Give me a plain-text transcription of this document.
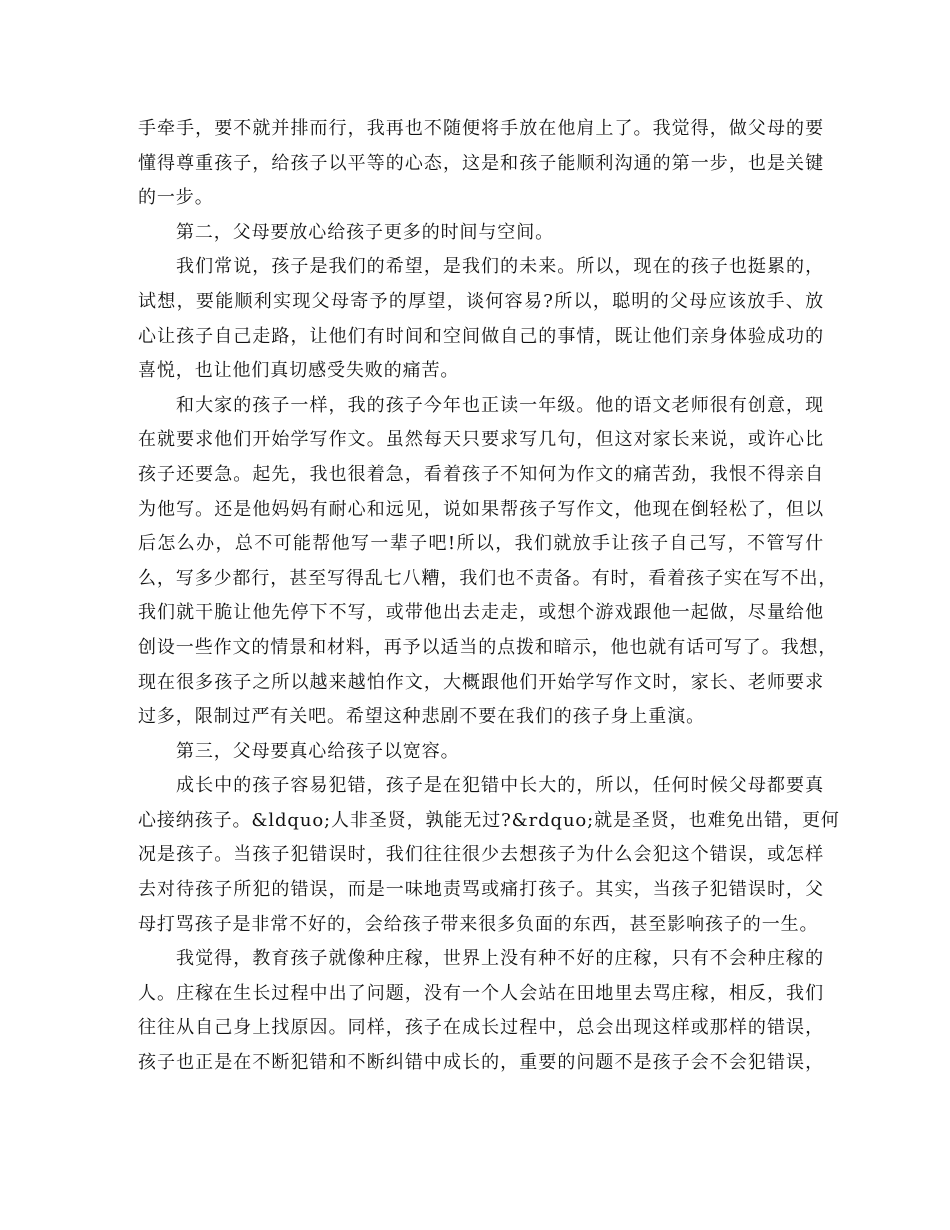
手牵手，要不就并排而行，我再也不随便将手放在他肩上了。我觉得，做父母的要
懂得尊重孩子，给孩子以平等的心态，这是和孩子能顺利沟通的第一步，也是关键
的一步。
第二，父母要放心给孩子更多的时间与空间。
我们常说，孩子是我们的希望，是我们的未来。所以，现在的孩子也挺累的，
试想，要能顺利实现父母寄予的厚望，谈何容易?所以，聪明的父母应该放手、放
心让孩子自己走路，让他们有时间和空间做自己的事情，既让他们亲身体验成功的
喜悦，也让他们真切感受失败的痛苦。
和大家的孩子一样，我的孩子今年也正读一年级。他的语文老师很有创意，现
在就要求他们开始学写作文。虽然每天只要求写几句，但这对家长来说，或许心比
孩子还要急。起先，我也很着急，看着孩子不知何为作文的痛苦劲，我恨不得亲自
为他写。还是他妈妈有耐心和远见，说如果帮孩子写作文，他现在倒轻松了，但以
后怎么办，总不可能帮他写一辈子吧!所以，我们就放手让孩子自己写，不管写什
么，写多少都行，甚至写得乱七八糟，我们也不责备。有时，看着孩子实在写不出，
我们就干脆让他先停下不写，或带他出去走走，或想个游戏跟他一起做，尽量给他
创设一些作文的情景和材料，再予以适当的点拨和暗示，他也就有话可写了。我想，
现在很多孩子之所以越来越怕作文，大概跟他们开始学写作文时，家长、老师要求
过多，限制过严有关吧。希望这种悲剧不要在我们的孩子身上重演。
第三，父母要真心给孩子以宽容。
成长中的孩子容易犯错，孩子是在犯错中长大的，所以，任何时候父母都要真
心接纳孩子。&ldquo;人非圣贤，孰能无过?&rdquo;就是圣贤，也难免出错，更何
况是孩子。当孩子犯错误时，我们往往很少去想孩子为什么会犯这个错误，或怎样
去对待孩子所犯的错误，而是一味地责骂或痛打孩子。其实，当孩子犯错误时，父
母打骂孩子是非常不好的，会给孩子带来很多负面的东西，甚至影响孩子的一生。
我觉得，教育孩子就像种庄稼，世界上没有种不好的庄稼，只有不会种庄稼的
人。庄稼在生长过程中出了问题，没有一个人会站在田地里去骂庄稼，相反，我们
往往从自己身上找原因。同样，孩子在成长过程中，总会出现这样或那样的错误，
孩子也正是在不断犯错和不断纠错中成长的，重要的问题不是孩子会不会犯错误，
